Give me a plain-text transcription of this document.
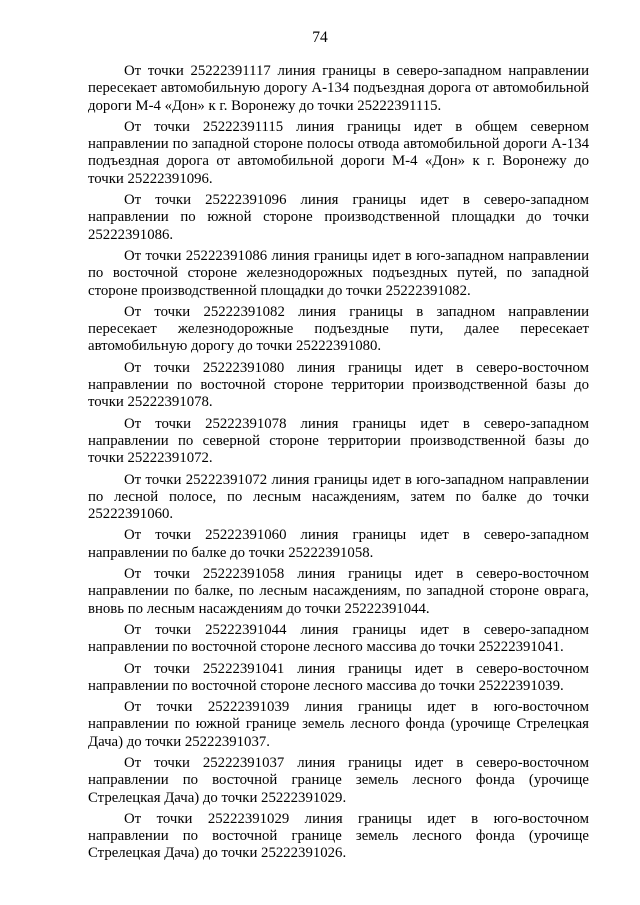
74

От точки 25222391117 линия границы в северо-западном направлении пересекает автомобильную дорогу А-134 подъездная дорога от автомобильной дороги М-4 «Дон» к г. Воронежу до точки 25222391115.

От точки 25222391115 линия границы идет в общем северном направлении по западной стороне полосы отвода автомобильной дороги А-134 подъездная дорога от автомобильной дороги М-4 «Дон» к г. Воронежу до точки 25222391096.

От точки 25222391096 линия границы идет в северо-западном направлении по южной стороне производственной площадки до точки 25222391086.

От точки 25222391086 линия границы идет в юго-западном направлении по восточной стороне железнодорожных подъездных путей, по западной стороне производственной площадки до точки 25222391082.

От точки 25222391082 линия границы в западном направлении пересекает железнодорожные подъездные пути, далее пересекает автомобильную дорогу до точки 25222391080.

От точки 25222391080 линия границы идет в северо-восточном направлении по восточной стороне территории производственной базы до точки 25222391078.

От точки 25222391078 линия границы идет в северо-западном направлении по северной стороне территории производственной базы до точки 25222391072.

От точки 25222391072 линия границы идет в юго-западном направлении по лесной полосе, по лесным насаждениям, затем по балке до точки 25222391060.

От точки 25222391060 линия границы идет в северо-западном направлении по балке до точки 25222391058.

От точки 25222391058 линия границы идет в северо-восточном направлении по балке, по лесным насаждениям, по западной стороне оврага, вновь по лесным насаждениям до точки 25222391044.

От точки 25222391044 линия границы идет в северо-западном направлении по восточной стороне лесного массива до точки 25222391041.

От точки 25222391041 линия границы идет в северо-восточном направлении по восточной стороне лесного массива до точки 25222391039.

От точки 25222391039 линия границы идет в юго-восточном направлении по южной границе земель лесного фонда (урочище Стрелецкая Дача) до точки 25222391037.

От точки 25222391037 линия границы идет в северо-восточном направлении по восточной границе земель лесного фонда (урочище Стрелецкая Дача) до точки 25222391029.

От точки 25222391029 линия границы идет в юго-восточном направлении по восточной границе земель лесного фонда (урочище Стрелецкая Дача) до точки 25222391026.
